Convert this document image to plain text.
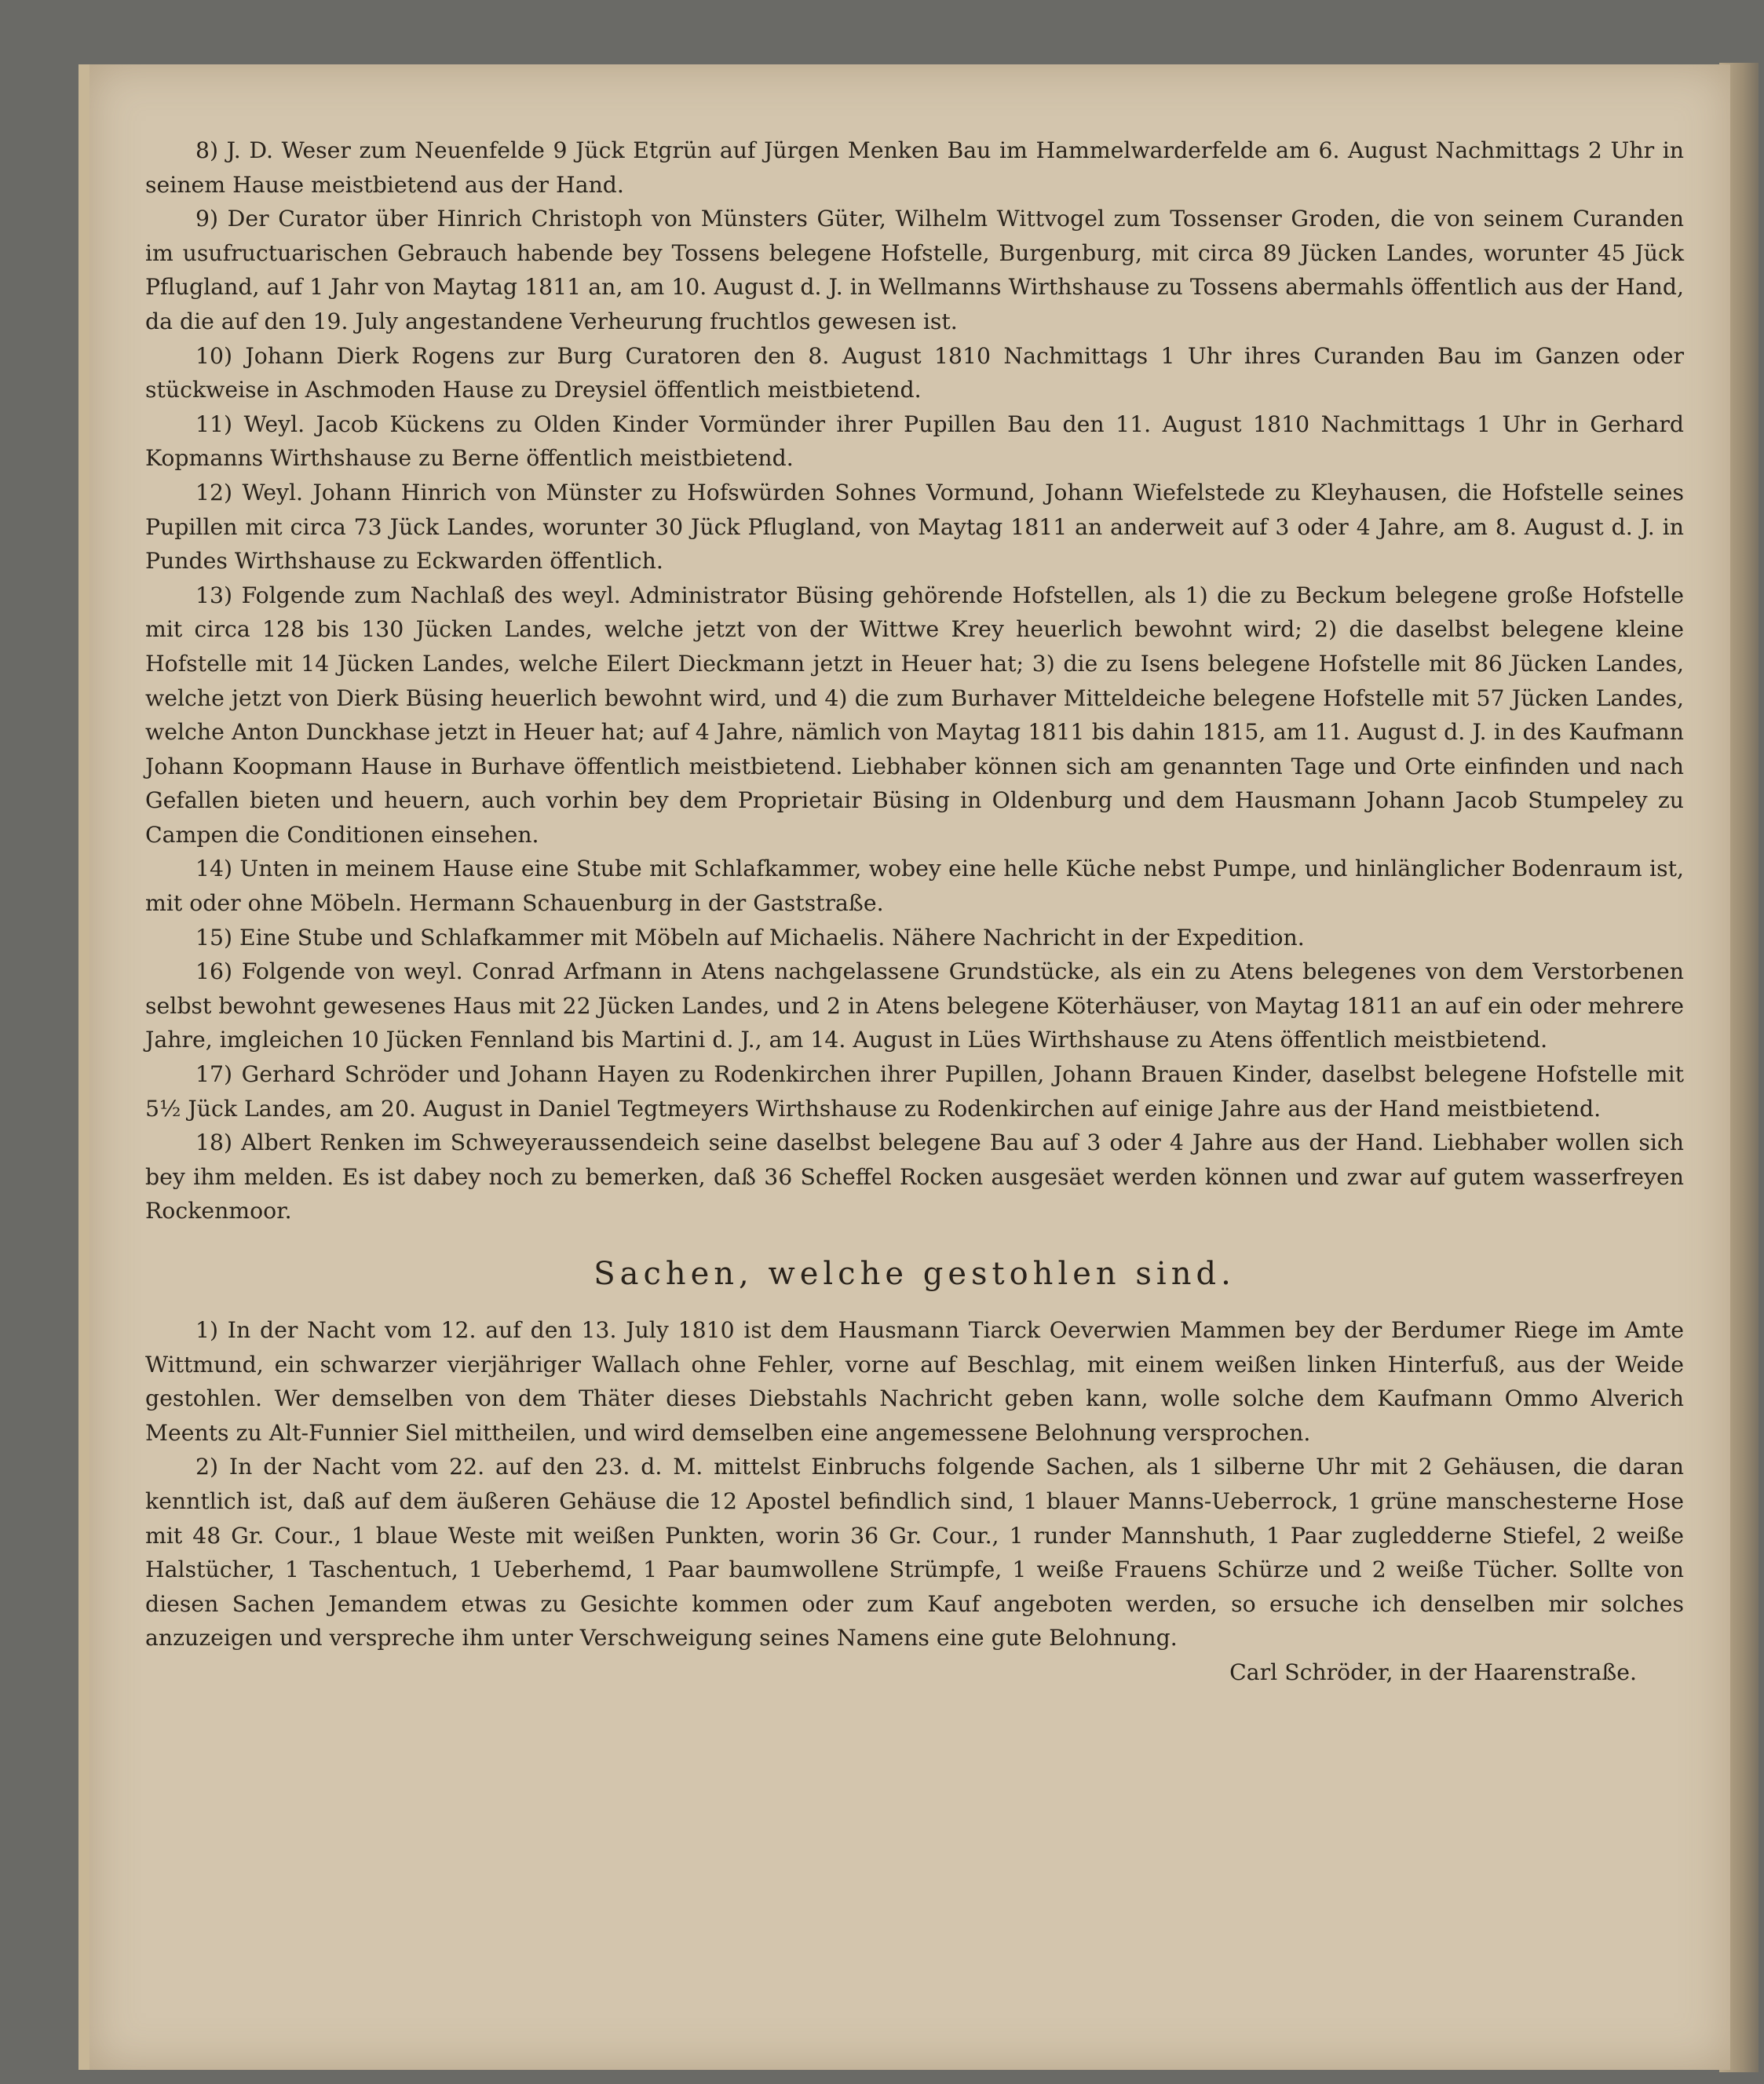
8) J. D. Weser zum Neuenfelde 9 Jück Etgrün auf Jürgen Menken Bau im Hammelwarderfelde am 6. August Nachmittags 2 Uhr in seinem Hause meistbietend aus der Hand.

9) Der Curator über Hinrich Christoph von Münsters Güter, Wilhelm Wittvogel zum Tossenser Groden, die von seinem Curanden im usufructuarischen Gebrauch habende bey Tossens belegene Hofstelle, Burgenburg, mit circa 89 Jücken Landes, worunter 45 Jück Pflugland, auf 1 Jahr von Maytag 1811 an, am 10. August d. J. in Wellmanns Wirthshause zu Tossens abermahls öffentlich aus der Hand, da die auf den 19. July angestandene Verheurung fruchtlos gewesen ist.

10) Johann Dierk Rogens zur Burg Curatoren den 8. August 1810 Nachmittags 1 Uhr ihres Curanden Bau im Ganzen oder stückweise in Aschmoden Hause zu Dreysiel öffentlich meistbietend.

11) Weyl. Jacob Kückens zu Olden Kinder Vormünder ihrer Pupillen Bau den 11. August 1810 Nachmittags 1 Uhr in Gerhard Kopmanns Wirthshause zu Berne öffentlich meistbietend.

12) Weyl. Johann Hinrich von Münster zu Hofswürden Sohnes Vormund, Johann Wiefelstede zu Kleyhausen, die Hofstelle seines Pupillen mit circa 73 Jück Landes, worunter 30 Jück Pflugland, von Maytag 1811 an anderweit auf 3 oder 4 Jahre, am 8. August d. J. in Pundes Wirthshause zu Eckwarden öffentlich.

13) Folgende zum Nachlaß des weyl. Administrator Büsing gehörende Hofstellen, als 1) die zu Beckum belegene große Hofstelle mit circa 128 bis 130 Jücken Landes, welche jetzt von der Wittwe Krey heuerlich bewohnt wird; 2) die daselbst belegene kleine Hofstelle mit 14 Jücken Landes, welche Eilert Dieckmann jetzt in Heuer hat; 3) die zu Isens belegene Hofstelle mit 86 Jücken Landes, welche jetzt von Dierk Büsing heuerlich bewohnt wird, und 4) die zum Burhaver Mitteldeiche belegene Hofstelle mit 57 Jücken Landes, welche Anton Dunckhase jetzt in Heuer hat; auf 4 Jahre, nämlich von Maytag 1811 bis dahin 1815, am 11. August d. J. in des Kaufmann Johann Koopmann Hause in Burhave öffentlich meistbietend. Liebhaber können sich am genannten Tage und Orte einfinden und nach Gefallen bieten und heuern, auch vorhin bey dem Proprietair Büsing in Oldenburg und dem Hausmann Johann Jacob Stumpeley zu Campen die Conditionen einsehen.

14) Unten in meinem Hause eine Stube mit Schlafkammer, wobey eine helle Küche nebst Pumpe, und hinlänglicher Bodenraum ist, mit oder ohne Möbeln. Hermann Schauenburg in der Gaststraße.

15) Eine Stube und Schlafkammer mit Möbeln auf Michaelis. Nähere Nachricht in der Expedition.

16) Folgende von weyl. Conrad Arfmann in Atens nachgelassene Grundstücke, als ein zu Atens belegenes von dem Verstorbenen selbst bewohnt gewesenes Haus mit 22 Jücken Landes, und 2 in Atens belegene Köterhäuser, von Maytag 1811 an auf ein oder mehrere Jahre, imgleichen 10 Jücken Fennland bis Martini d. J., am 14. August in Lües Wirthshause zu Atens öffentlich meistbietend.

17) Gerhard Schröder und Johann Hayen zu Rodenkirchen ihrer Pupillen, Johann Brauen Kinder, daselbst belegene Hofstelle mit 5½ Jück Landes, am 20. August in Daniel Tegtmeyers Wirthshause zu Rodenkirchen auf einige Jahre aus der Hand meistbietend.

18) Albert Renken im Schweyeraussendeich seine daselbst belegene Bau auf 3 oder 4 Jahre aus der Hand. Liebhaber wollen sich bey ihm melden. Es ist dabey noch zu bemerken, daß 36 Scheffel Rocken ausgesäet werden können und zwar auf gutem wasserfreyen Rockenmoor.

Sachen, welche gestohlen sind.

1) In der Nacht vom 12. auf den 13. July 1810 ist dem Hausmann Tiarck Oeverwien Mammen bey der Berdumer Riege im Amte Wittmund, ein schwarzer vierjähriger Wallach ohne Fehler, vorne auf Beschlag, mit einem weißen linken Hinterfuß, aus der Weide gestohlen. Wer demselben von dem Thäter dieses Diebstahls Nachricht geben kann, wolle solche dem Kaufmann Ommo Alverich Meents zu Alt-Funnier Siel mittheilen, und wird demselben eine angemessene Belohnung versprochen.

2) In der Nacht vom 22. auf den 23. d. M. mittelst Einbruchs folgende Sachen, als 1 silberne Uhr mit 2 Gehäusen, die daran kenntlich ist, daß auf dem äußeren Gehäuse die 12 Apostel befindlich sind, 1 blauer Manns-Ueberrock, 1 grüne manschesterne Hose mit 48 Gr. Cour., 1 blaue Weste mit weißen Punkten, worin 36 Gr. Cour., 1 runder Mannshuth, 1 Paar zugledderne Stiefel, 2 weiße Halstücher, 1 Taschentuch, 1 Ueberhemd, 1 Paar baumwollene Strümpfe, 1 weiße Frauens Schürze und 2 weiße Tücher. Sollte von diesen Sachen Jemandem etwas zu Gesichte kommen oder zum Kauf angeboten werden, so ersuche ich denselben mir solches anzuzeigen und verspreche ihm unter Verschweigung seines Namens eine gute Belohnung.
Carl Schröder, in der Haarenstraße.
